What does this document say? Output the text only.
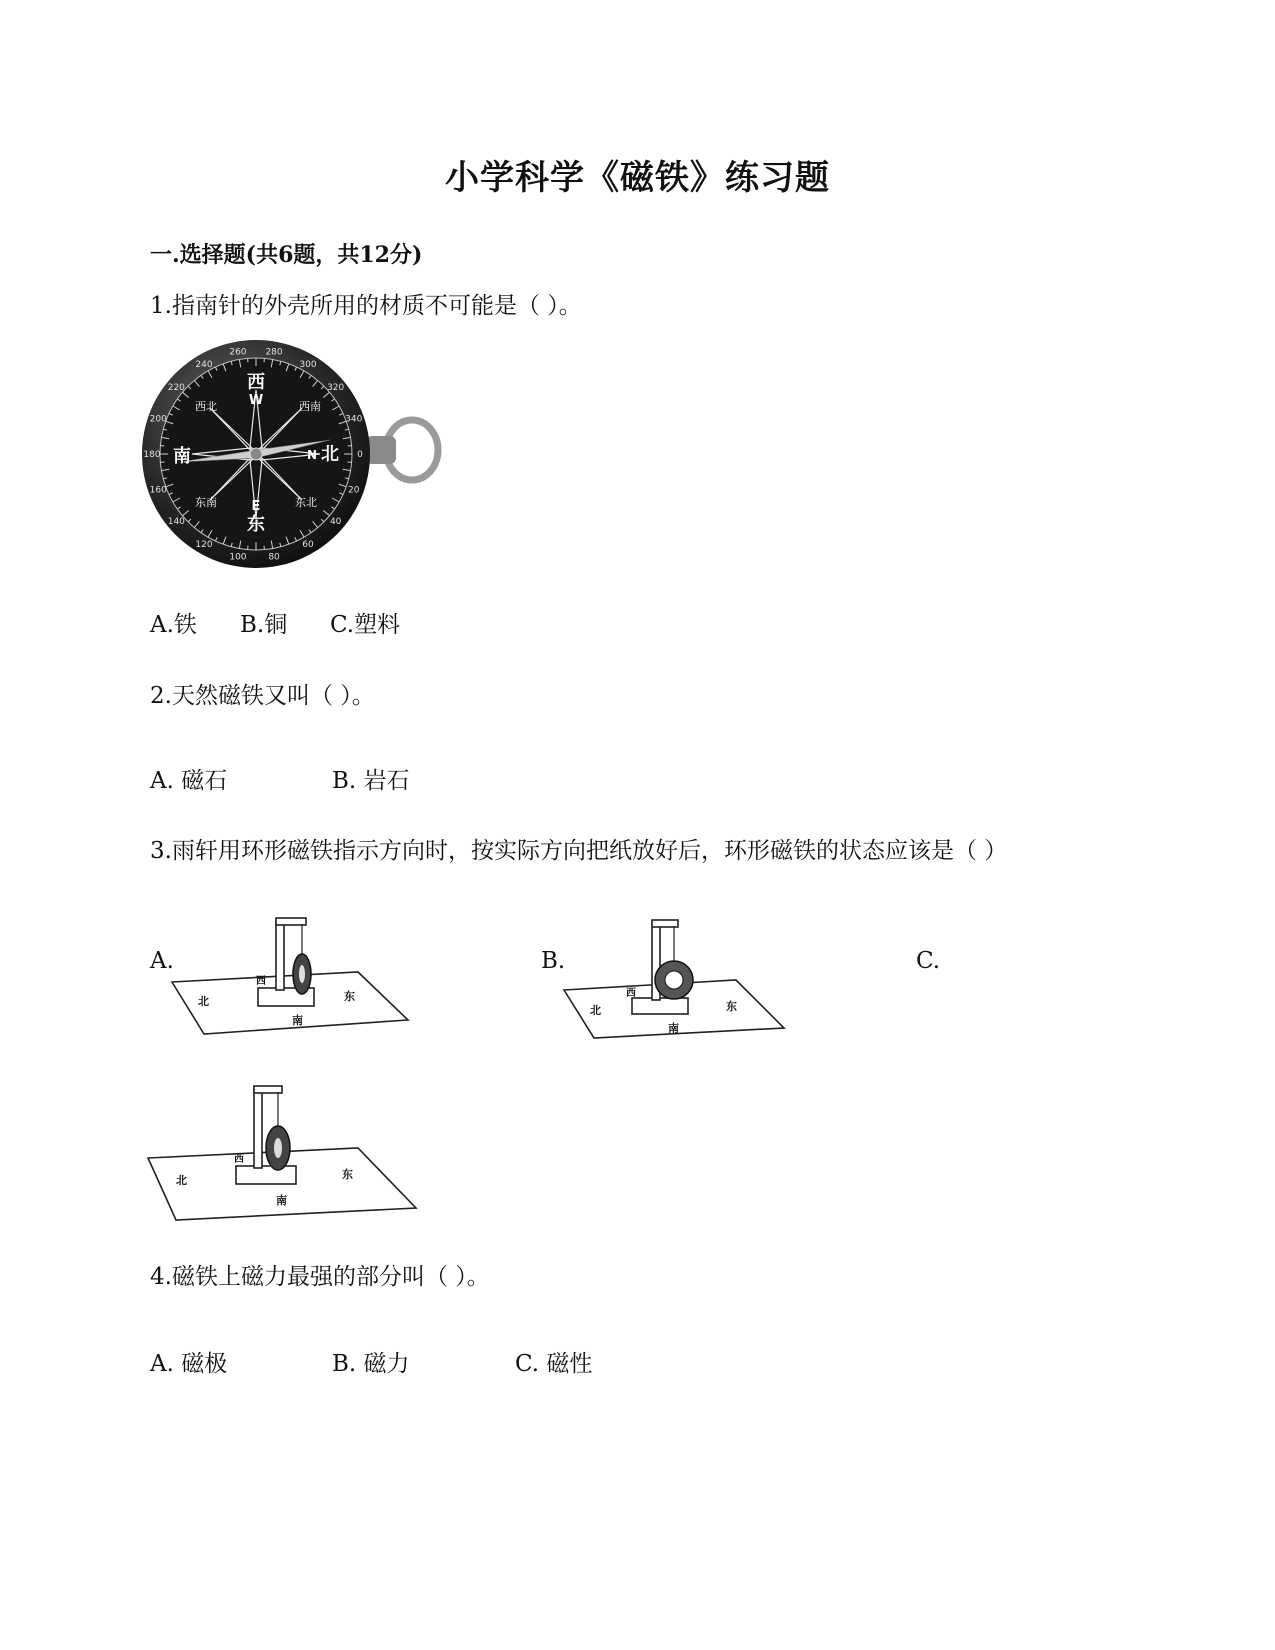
小学科学《磁铁》练习题
一.选择题(共6题，共12分)
1.指南针的外壳所用的材质不可能是（ ）。
0
20
40
60
80
100
120
140
160
180
200
220
240
260 280
300
320
340
西
W
北
N
东
E
南
西北	西南
东南	东北
A.铁 B.铜 C.塑料
2.天然磁铁又叫（ ）。
A. 磁石	B. 岩石
3.雨轩用环形磁铁指示方向时，按实际方向把纸放好后，环形磁铁的状态应该是（ ）
A.	B.	C.
北
南
西
东
北
南
西
东
北
南
西
东
4.磁铁上磁力最强的部分叫（ ）。
A. 磁极	B. 磁力	C. 磁性
